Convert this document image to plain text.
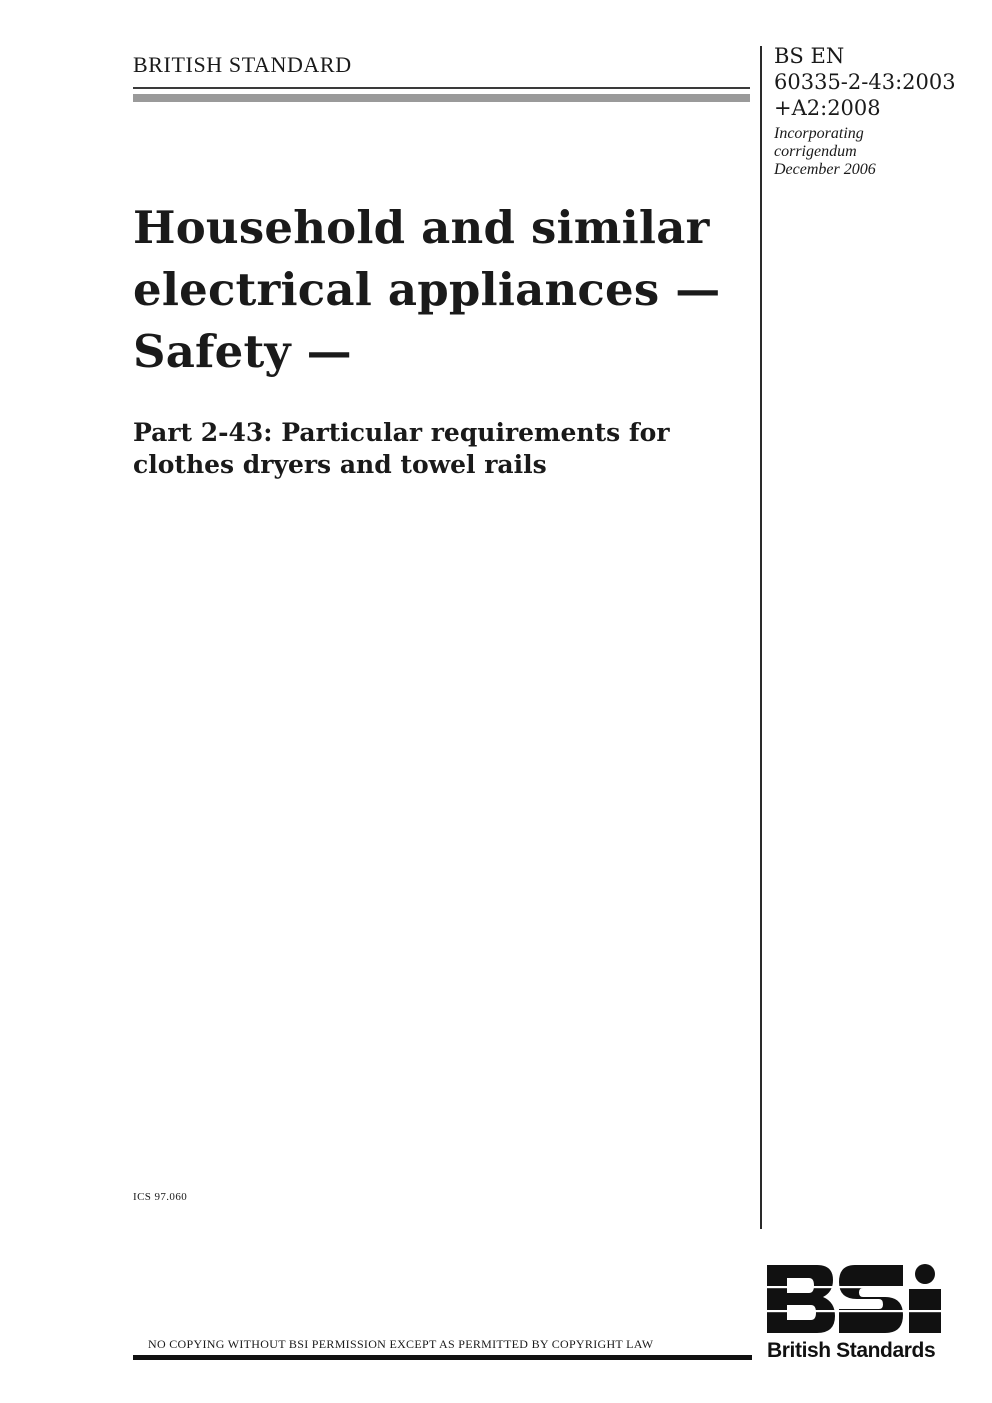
BRITISH STANDARD	BS EN
60335-2-43:2003
+A2:2008
Incorporating
corrigendum
December 2006
Household and similar
electrical appliances —
Safety —
Part 2-43: Particular requirements for
clothes dryers and towel rails
ICS 97.060
NO COPYING WITHOUT BSI PERMISSION EXCEPT AS PERMITTED BY COPYRIGHT LAW	British Standards
